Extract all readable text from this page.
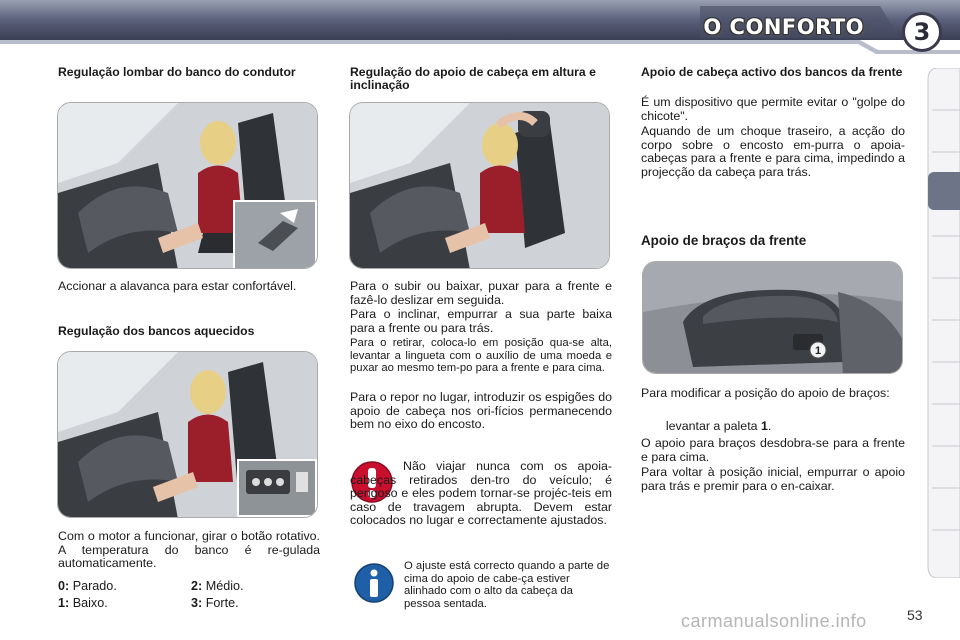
O CONFORTO	3
Regulação lombar do banco do condutor

Accionar a alavanca para estar confortável.

Regulação dos bancos aquecidos

Com o motor a funcionar, girar o botão rotativo. A temperatura do banco é re-gulada automaticamente.

0: Parado.
1: Baixo.
2: Médio.
3: Forte.
Regulação do apoio de cabeça em altura e inclinação

Para o subir ou baixar, puxar para a frente e fazê-lo deslizar em seguida.

Para o inclinar, empurrar a sua parte baixa para a frente ou para trás.

Para o retirar, coloca-lo em posição qua-se alta, levantar a lingueta com o auxílio de uma moeda e puxar ao mesmo tem-po para a frente e para cima.

Para o repor no lugar, introduzir os espigões do apoio de cabeça nos ori-fícios permanecendo bem no eixo do encosto.

Não viajar nunca com os apoia-cabeças retirados den-tro do veículo; é perigoso e eles podem tornar-se projéc-teis em caso de travagem abrupta. Devem estar colocados no lugar e correctamente ajustados.

O ajuste está correcto quando a parte de cima do apoio de cabe-ça estiver alinhado com o alto da cabeça da pessoa sentada.

Apoio de cabeça activo dos bancos da frente

É um dispositivo que permite evitar o "golpe do chicote".

Aquando de um choque traseiro, a acção do corpo sobre o encosto em-purra o apoia-cabeças para a frente e para cima, impedindo a projecção da cabeça para trás.

Apoio de braços da frente
1

Para modificar a posição do apoio de braços:

levantar a paleta 1.

O apoio para braços desdobra-se para a frente e para cima.

Para voltar à posição inicial, empurrar o apoio para trás e premir para o en-caixar.

carmanualsonline.info	53
